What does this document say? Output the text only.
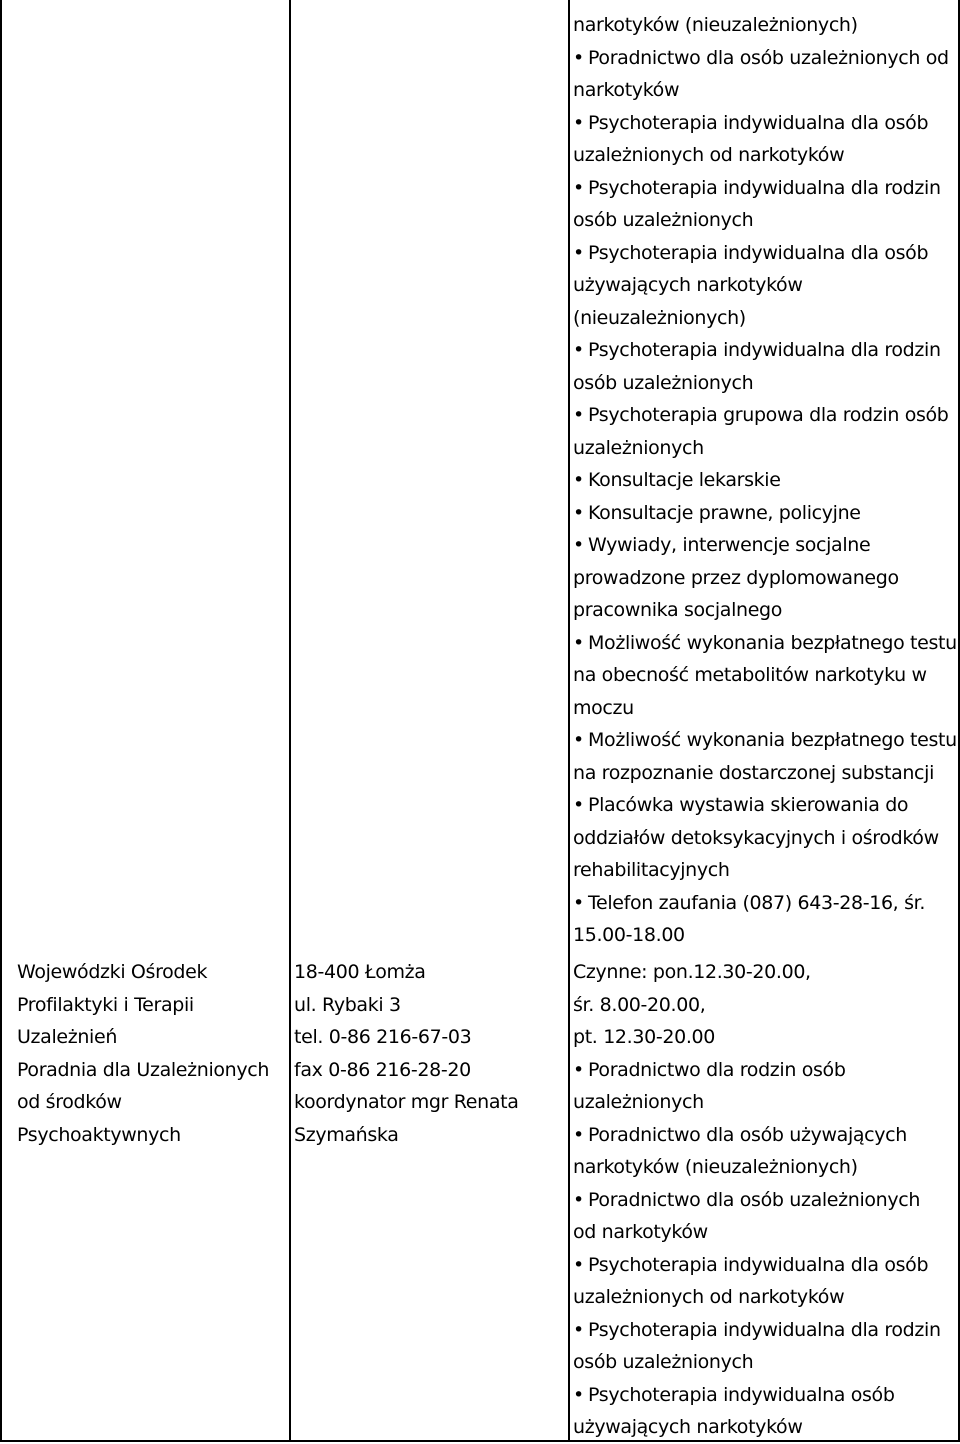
narkotyków (nieuzależnionych)
• Poradnictwo dla osób uzależnionych od
narkotyków
• Psychoterapia indywidualna dla osób
uzależnionych od narkotyków
• Psychoterapia indywidualna dla rodzin
osób uzależnionych
• Psychoterapia indywidualna dla osób
używających narkotyków
(nieuzależnionych)
• Psychoterapia indywidualna dla rodzin
osób uzależnionych
• Psychoterapia grupowa dla rodzin osób
uzależnionych
• Konsultacje lekarskie
• Konsultacje prawne, policyjne
• Wywiady, interwencje socjalne
prowadzone przez dyplomowanego
pracownika socjalnego
• Możliwość wykonania bezpłatnego testu
na obecność metabolitów narkotyku w
moczu
• Możliwość wykonania bezpłatnego testu
na rozpoznanie dostarczonej substancji
• Placówka wystawia skierowania do
oddziałów detoksykacyjnych i ośrodków
rehabilitacyjnych
• Telefon zaufania (087) 643-28-16, śr.
15.00-18.00
Wojewódzki Ośrodek
Profilaktyki i Terapii
Uzależnień
Poradnia dla Uzależnionych
od środków
Psychoaktywnych
18-400 Łomża
ul. Rybaki 3
tel. 0-86 216-67-03
fax 0-86 216-28-20
koordynator mgr Renata
Szymańska
Czynne: pon.12.30-20.00,
śr. 8.00-20.00,
pt. 12.30-20.00
• Poradnictwo dla rodzin osób
uzależnionych
• Poradnictwo dla osób używających
narkotyków (nieuzależnionych)
• Poradnictwo dla osób uzależnionych
od narkotyków
• Psychoterapia indywidualna dla osób
uzależnionych od narkotyków
• Psychoterapia indywidualna dla rodzin
osób uzależnionych
• Psychoterapia indywidualna osób
używających narkotyków
